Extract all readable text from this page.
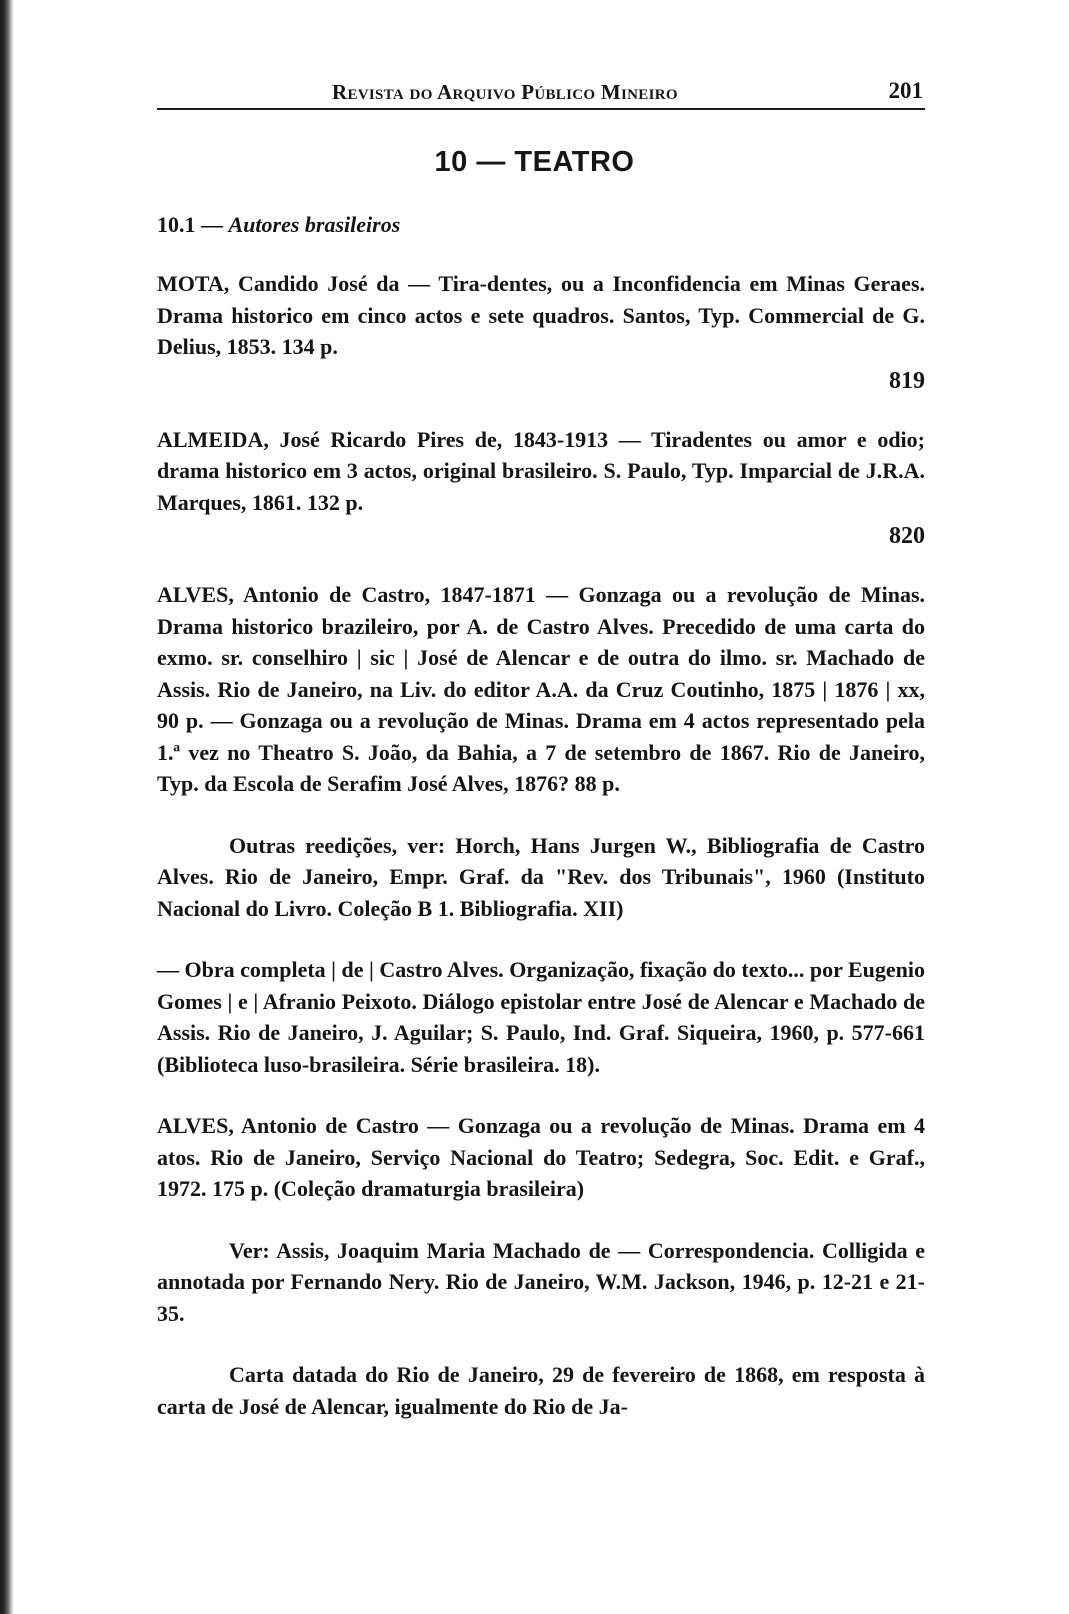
Revista do Arquivo Público Mineiro	201
10 — TEATRO
10.1 — Autores brasileiros

MOTA, Candido José da — Tira-dentes, ou a Inconfidencia em Minas Geraes. Drama historico em cinco actos e sete quadros. Santos, Typ. Commercial de G. Delius, 1853. 134 p.

819

ALMEIDA, José Ricardo Pires de, 1843-1913 — Tiradentes ou amor e odio; drama historico em 3 actos, original brasileiro. S. Paulo, Typ. Imparcial de J.R.A. Marques, 1861. 132 p.

820

ALVES, Antonio de Castro, 1847-1871 — Gonzaga ou a revolução de Minas. Drama historico brazileiro, por A. de Castro Alves. Precedido de uma carta do exmo. sr. conselhiro | sic | José de Alencar e de outra do ilmo. sr. Machado de Assis. Rio de Janeiro, na Liv. do editor A.A. da Cruz Coutinho, 1875 | 1876 | xx, 90 p. — Gonzaga ou a revolução de Minas. Drama em 4 actos representado pela 1.ª vez no Theatro S. João, da Bahia, a 7 de setembro de 1867. Rio de Janeiro, Typ. da Escola de Serafim José Alves, 1876? 88 p.

Outras reedições, ver: Horch, Hans Jurgen W., Bibliografia de Castro Alves. Rio de Janeiro, Empr. Graf. da "Rev. dos Tribunais", 1960 (Instituto Nacional do Livro. Coleção B 1. Bibliografia. XII)

— Obra completa | de | Castro Alves. Organização, fixação do texto... por Eugenio Gomes | e | Afranio Peixoto. Diálogo epistolar entre José de Alencar e Machado de Assis. Rio de Janeiro, J. Aguilar; S. Paulo, Ind. Graf. Siqueira, 1960, p. 577-661 (Biblioteca luso-brasileira. Série brasileira. 18).

ALVES, Antonio de Castro — Gonzaga ou a revolução de Minas. Drama em 4 atos. Rio de Janeiro, Serviço Nacional do Teatro; Sedegra, Soc. Edit. e Graf., 1972. 175 p. (Coleção dramaturgia brasileira)

Ver: Assis, Joaquim Maria Machado de — Correspondencia. Colligida e annotada por Fernando Nery. Rio de Janeiro, W.M. Jackson, 1946, p. 12-21 e 21-35.

Carta datada do Rio de Janeiro, 29 de fevereiro de 1868, em resposta à carta de José de Alencar, igualmente do Rio de Ja-
